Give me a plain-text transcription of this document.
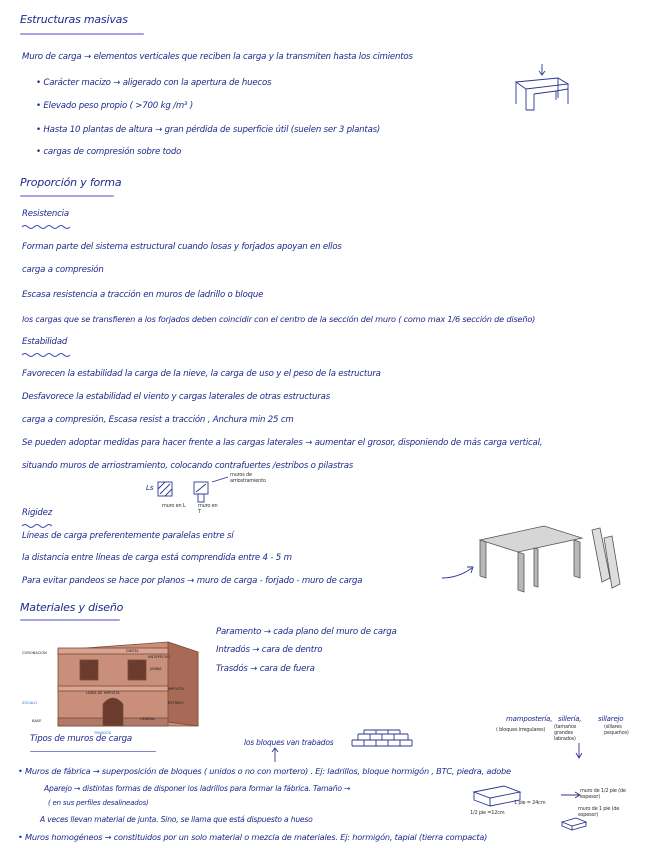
Estructuras masivas
Muro de carga → elementos verticales que reciben la carga y la transmiten hasta los cimientos
• Carácter macizo → aligerado con la apertura de huecos
• Elevado peso propio ( >700 kg /m³ )
• Hasta 10 plantas de altura → gran pérdida de superficie útil (suelen ser 3 plantas)
• cargas de compresión sobre todo
Proporción y forma
Resistencia
Forman parte del sistema estructural cuando losas y forjados apoyan en ellos
carga a compresión
Escasa resistencia a tracción en muros de ladrillo o bloque
los cargas que se transfieren a los forjados deben coincidir con el centro de la sección del muro ( como max 1/6 sección de diseño)
Estabilidad
Favorecen la estabilidad la carga de la nieve, la carga de uso y el peso de la estructura
Desfavorece la estabilidad el viento y cargas laterales de otras estructuras
carga a compresión, Escasa resist a tracción , Anchura min 25 cm
Se pueden adoptar medidas para hacer frente a las cargas laterales → aumentar el grosor, disponiendo de más carga vertical,
situando muros de arriostramiento, colocando contrafuertes /estribos o pilastras
Ls
muro en L	muro en T
muros de arriostramiento
Rigidez
Líneas de carga preferentemente paralelas entre sí
la distancia entre líneas de carga está comprendida entre 4 - 5 m
Para evitar pandeos se hace por planos → muro de carga - forjado - muro de carga
Materiales y diseño
Paramento → cada plano del muro de carga
Intradós → cara de dentro
Trasdós → cara de fuera
CORONACIÓN
ZÓCALO
BASE
TRASDÓS
DINTEL
ANTEPECHO
JAMBA
IMPOSTA
ESTRIBO
LÍNEA DE IMPOSTA
UMBRAL
Tipos de muros de carga	los bloques van trabados
mampostería,
( bloques irregulares)
sillería,
(tamaños grandes labrados)
sillarejo
(sillares pequeños)
• Muros de fábrica → superposición de bloques ( unidos o no con mortero) . Ej: ladrillos, bloque hormigón , BTC, piedra, adobe
Aparejo → distintas formas de disponer los ladrillos para formar la fábrica. Tamaño →
( en sus perfiles desalineados)
A veces llevan material de junta. Sino, se llama que está dispuesto a hueso
• Muros homogéneos → constituidos por un solo material o mezcla de materiales. Ej: hormigón, tapial (tierra compacta)
1 pie = 24cm
1/2 pie =12cm
muro de 1/2 pie (de espesor)
muro de 1 pie (de espesor)
